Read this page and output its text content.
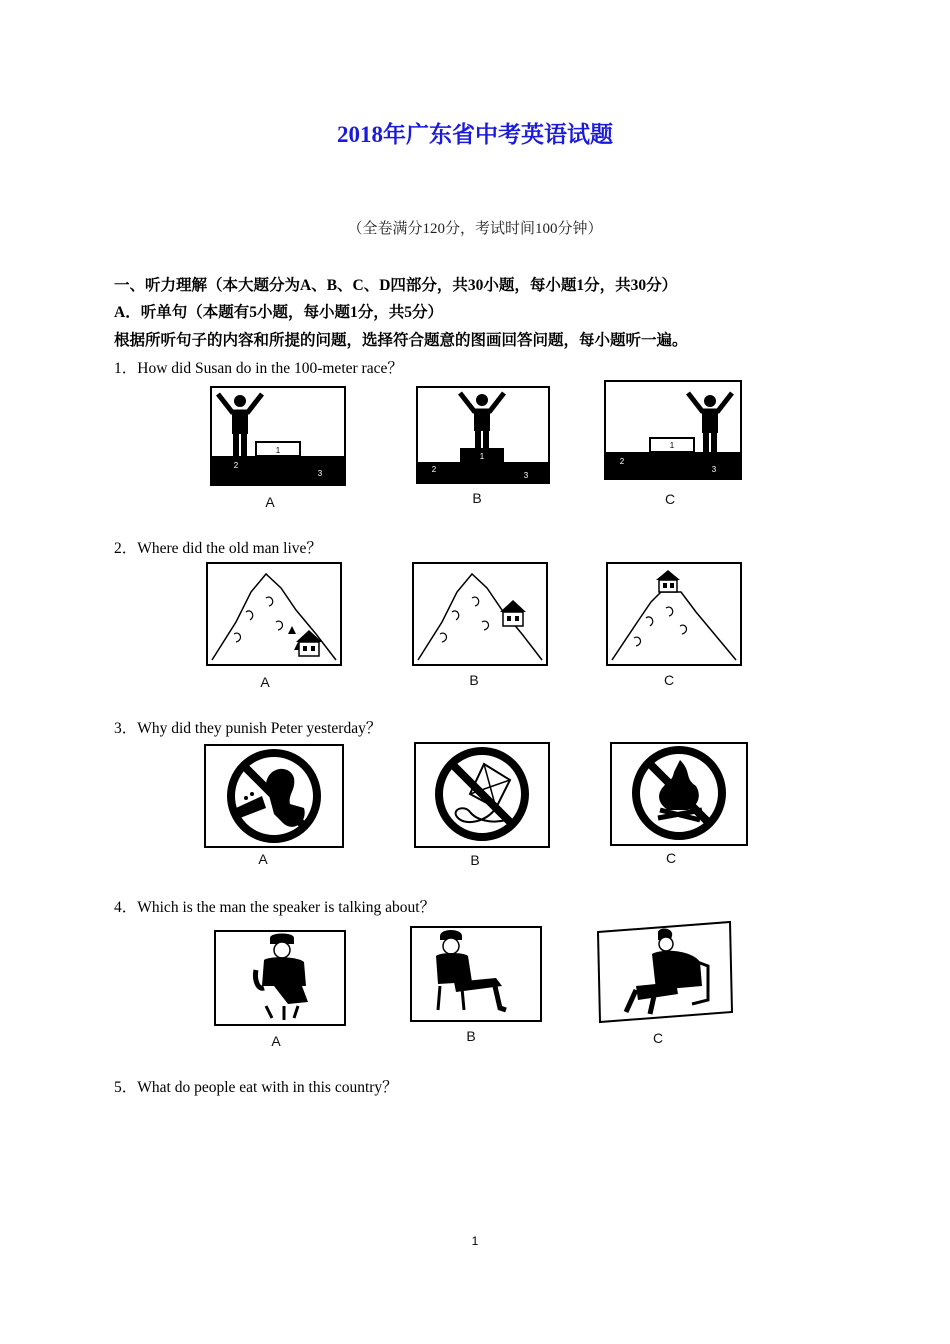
2018年广东省中考英语试题
（全卷满分120分，考试时间100分钟）
一、听力理解（本大题分为A、B、C、D四部分，共30小题，每小题1分，共30分）
A．听单句（本题有5小题，每小题1分，共5分）
根据所听句子的内容和所提的问题，选择符合题意的图画回答问题，每小题听一遍。
1．How did Susan do in the 100-meter race？
1
2
3
A
1
2
3
B
1
2
3
C
2．Where did the old man live？
A	B	C
3．Why did they punish Peter yesterday？
A	B	C
4．Which is the man the speaker is talking about？
A	B	C
5．What do people eat with in this country？
1
